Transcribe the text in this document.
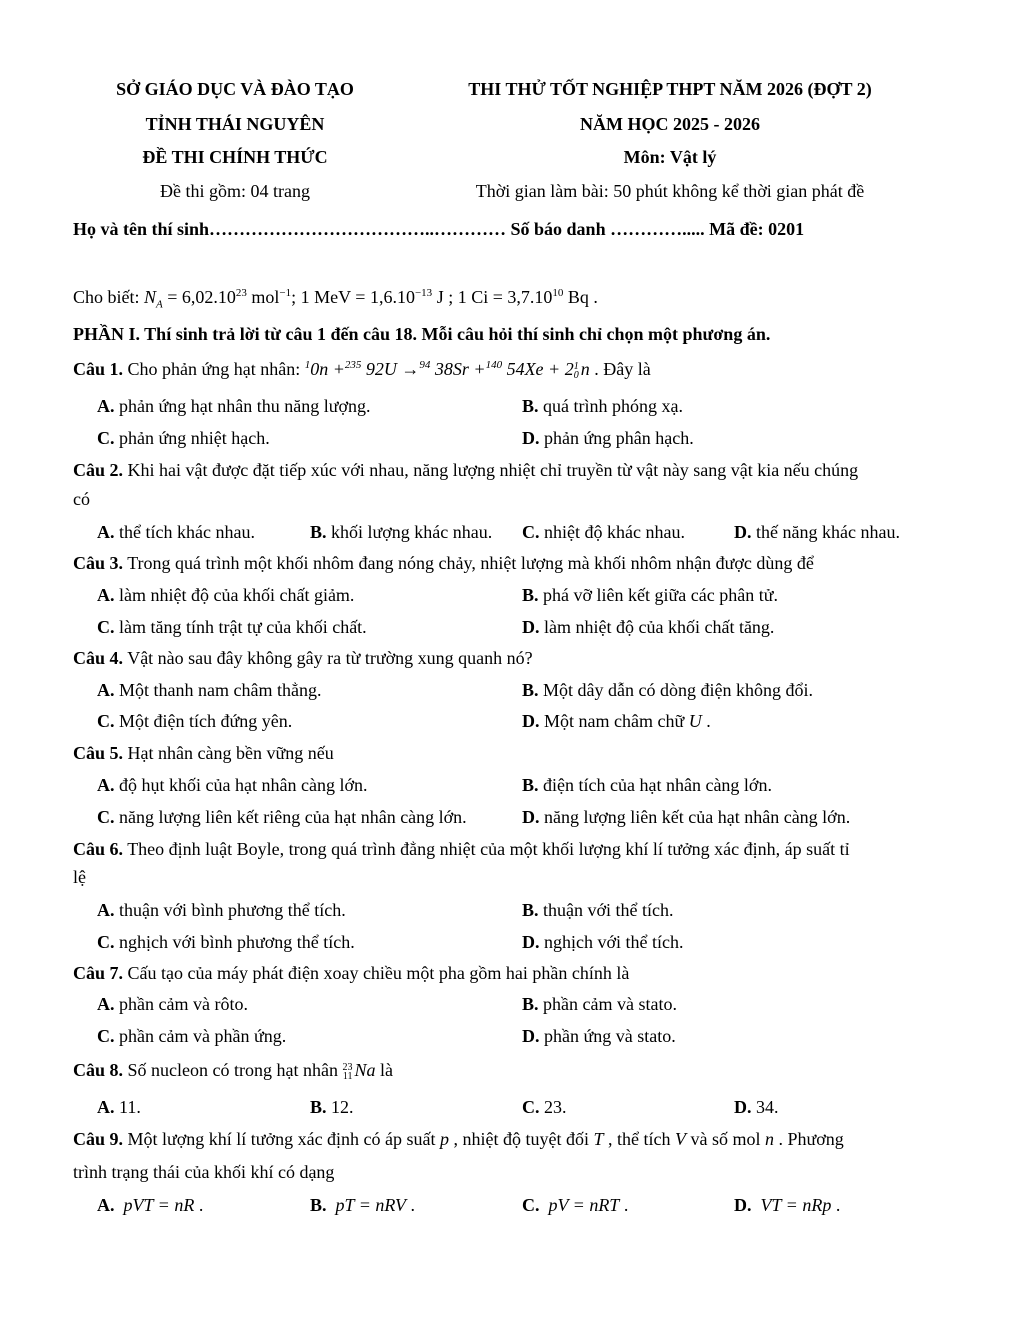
SỞ GIÁO DỤC VÀ ĐÀO TẠO
TỈNH THÁI NGUYÊN
ĐỀ THI CHÍNH THỨC
Đề thi gồm: 04 trang
THI THỬ TỐT NGHIỆP THPT NĂM 2026 (ĐỢT 2)
NĂM HỌC 2025 - 2026
Môn: Vật lý
Thời gian làm bài: 50 phút không kể thời gian phát đề
Họ và tên thí sinh………………………………..………… Số báo danh …………..... Mã đề: 0201
Cho biết: $N_A = 6,02.10^{23}$ mol$^{-1}$; 1 MeV = $1,6.10^{-13}$ J ; 1 $Ci = 3,7.10^{10}$ Bq .
PHẦN I. Thí sinh trả lời từ câu 1 đến câu 18. Mỗi câu hỏi thí sinh chỉ chọn một phương án.
Câu 1. Cho phản ứng hạt nhân: $^1$0n +$^{235}$ 92U →$^{94}$ 38Sr +$^{140}$ 54Xe + 21
0 n . Đây là
A. phản ứng hạt nhân thu năng lượng.	B. quá trình phóng xạ.
C. phản ứng nhiệt hạch.	D. phản ứng phân hạch.
Câu 2. Khi hai vật được đặt tiếp xúc với nhau, năng lượng nhiệt chỉ truyền từ vật này sang vật kia nếu chúng
có
A. thể tích khác nhau.	B. khối lượng khác nhau. C. nhiệt độ khác nhau.	D. thế năng khác nhau.
Câu 3. Trong quá trình một khối nhôm đang nóng chảy, nhiệt lượng mà khối nhôm nhận được dùng để
A. làm nhiệt độ của khối chất giảm.	B. phá vỡ liên kết giữa các phân tử.
C. làm tăng tính trật tự của khối chất.	D. làm nhiệt độ của khối chất tăng.
Câu 4. Vật nào sau đây không gây ra từ trường xung quanh nó?
A. Một thanh nam châm thẳng.	B. Một dây dẫn có dòng điện không đổi.
C. Một điện tích đứng yên.	D. Một nam châm chữ U .
Câu 5. Hạt nhân càng bền vững nếu
A. độ hụt khối của hạt nhân càng lớn.	B. điện tích của hạt nhân càng lớn.
C. năng lượng liên kết riêng của hạt nhân càng lớn.	D. năng lượng liên kết của hạt nhân càng lớn.
Câu 6. Theo định luật Boyle, trong quá trình đẳng nhiệt của một khối lượng khí lí tưởng xác định, áp suất tỉ
lệ
A. thuận với bình phương thể tích.	B. thuận với thể tích.
C. nghịch với bình phương thể tích.	D. nghịch với thể tích.
Câu 7. Cấu tạo của máy phát điện xoay chiều một pha gồm hai phần chính là
A. phần cảm và rôto.	B. phần cảm và stato.
C. phần cảm và phần ứng.	D. phần ứng và stato.
Câu 8. Số nucleon có trong hạt nhân 23
11 Na là
A. 11.	B. 12.	C. 23.	D. 34.
Câu 9. Một lượng khí lí tưởng xác định có áp suất p , nhiệt độ tuyệt đối T , thể tích V và số mol n . Phương
trình trạng thái của khối khí có dạng
A. pVT = nR .	B. pT = nRV .	C. pV = nRT .	D. VT = nRp .
